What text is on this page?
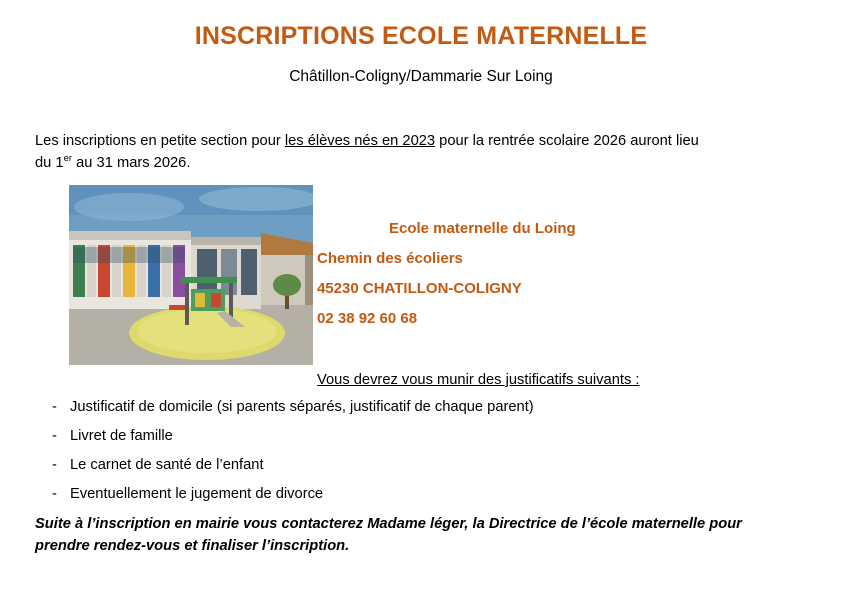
INSCRIPTIONS ECOLE MATERNELLE
Châtillon-Coligny/Dammarie Sur Loing
Les inscriptions en petite section pour les élèves nés en 2023 pour la rentrée scolaire 2026 auront lieu du 1er au 31 mars 2026.
Ecole maternelle du Loing
Chemin des écoliers
45230 CHATILLON-COLIGNY
02 38 92 60 68
Vous devrez vous munir des justificatifs suivants :
- Justificatif de domicile (si parents séparés, justificatif de chaque parent)
- Livret de famille
- Le carnet de santé de l’enfant
- Eventuellement le jugement de divorce
Suite à l’inscription en mairie vous contacterez Madame léger, la Directrice de l’école maternelle pour prendre rendez-vous et finaliser l’inscription.
